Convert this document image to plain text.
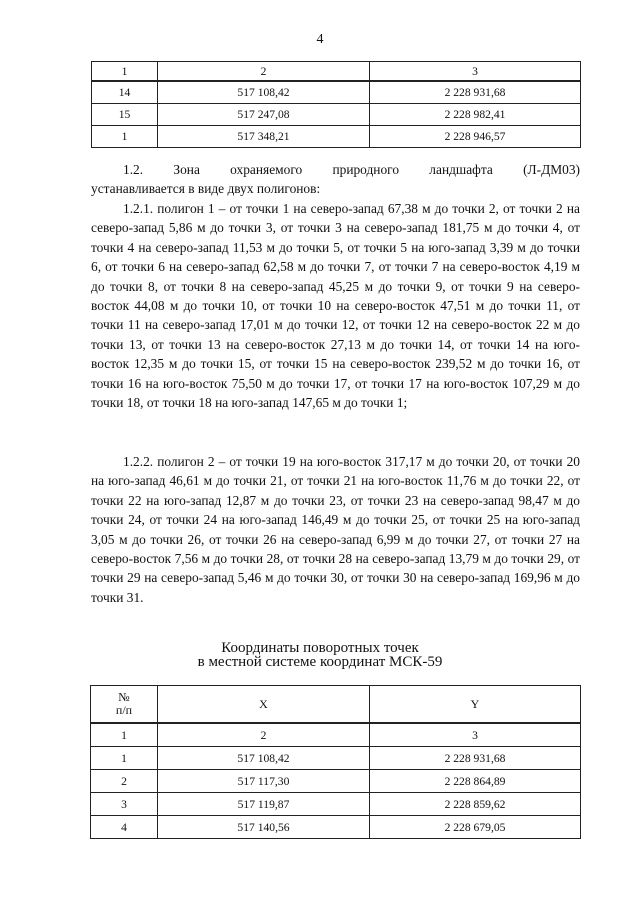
4
1	2	3
14	517 108,42	2 228 931,68
15	517 247,08	2 228 982,41
1	517 348,21	2 228 946,57

1.2. Зона охраняемого природного ландшафта (Л-ДМ03)

устанавливается в виде двух полигонов:

1.2.1. полигон 1 – от точки 1 на северо-запад 67,38 м до точки 2, от точки 2 на северо-запад 5,86 м до точки 3, от точки 3 на северо-запад 181,75 м до точки 4, от точки 4 на северо-запад 11,53 м до точки 5, от точки 5 на юго-запад 3,39 м до точки 6, от точки 6 на северо-запад 62,58 м до точки 7, от точки 7 на северо-восток 4,19 м до точки 8, от точки 8 на северо-запад 45,25 м до точки 9, от точки 9 на северо-восток 44,08 м до точки 10, от точки 10 на северо-восток 47,51 м до точки 11, от точки 11 на северо-запад 17,01 м до точки 12, от точки 12 на северо-восток 22 м до точки 13, от точки 13 на северо-восток 27,13 м до точки 14, от точки 14 на юго-восток 12,35 м до точки 15, от точки 15 на северо-восток 239,52 м до точки 16, от точки 16 на юго-восток 75,50 м до точки 17, от точки 17 на юго-восток 107,29 м до точки 18, от точки 18 на юго-запад 147,65 м до точки 1;

1.2.2. полигон 2 – от точки 19 на юго-восток 317,17 м до точки 20, от точки 20 на юго-запад 46,61 м до точки 21, от точки 21 на юго-восток 11,76 м до точки 22, от точки 22 на юго-запад 12,87 м до точки 23, от точки 23 на северо-запад 98,47 м до точки 24, от точки 24 на юго-запад 146,49 м до точки 25, от точки 25 на юго-запад 3,05 м до точки 26, от точки 26 на северо-запад 6,99 м до точки 27, от точки 27 на северо-восток 7,56 м до точки 28, от точки 28 на северо-запад 13,79 м до точки 29, от точки 29 на северо-запад 5,46 м до точки 30, от точки 30 на северо-запад 169,96 м до точки 31.

Координаты поворотных точек
в местной системе координат МСК-59
№
п/п	X	Y
1	2	3
1	517 108,42	2 228 931,68
2	517 117,30	2 228 864,89
3	517 119,87	2 228 859,62
4	517 140,56	2 228 679,05
